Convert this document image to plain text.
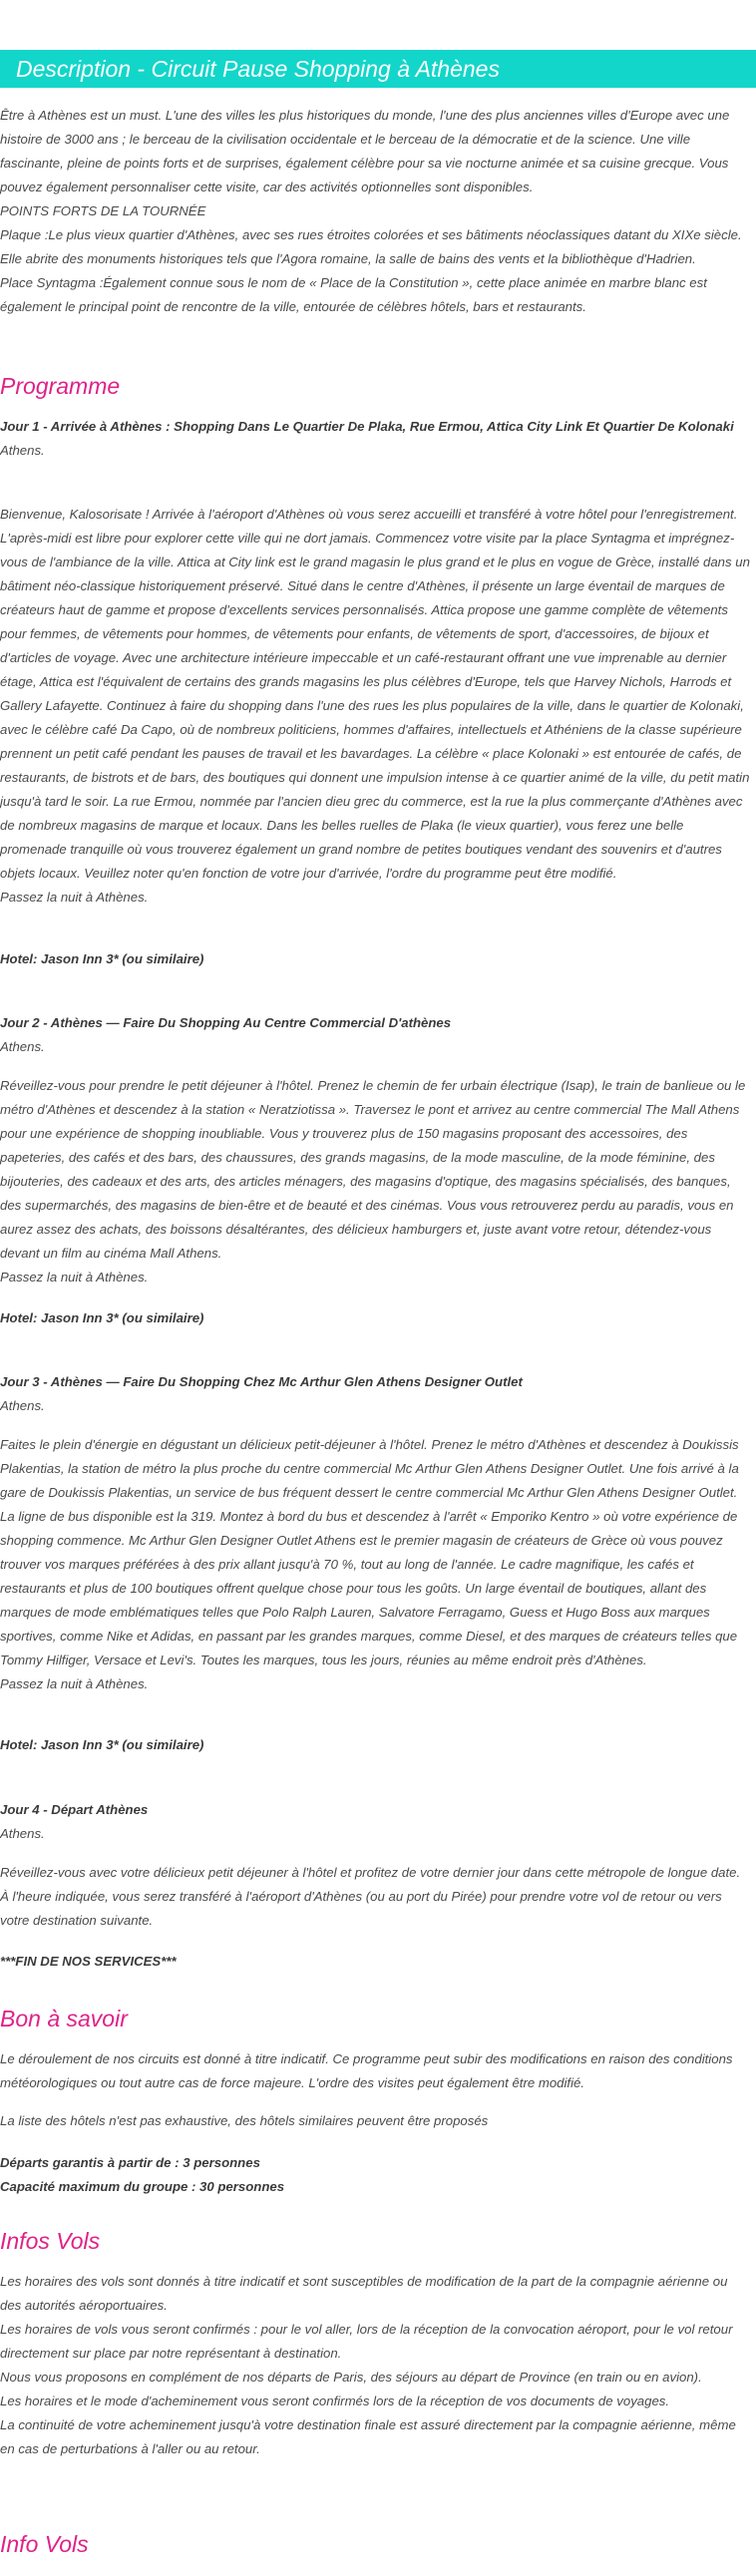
Description - Circuit Pause Shopping à Athènes

Être à Athènes est un must. L'une des villes les plus historiques du monde, l'une des plus anciennes villes d'Europe avec une histoire de 3000 ans ; le berceau de la civilisation occidentale et le berceau de la démocratie et de la science. Une ville fascinante, pleine de points forts et de surprises, également célèbre pour sa vie nocturne animée et sa cuisine grecque. Vous pouvez également personnaliser cette visite, car des activités optionnelles sont disponibles.

POINTS FORTS DE LA TOURNÉE

Plaque :Le plus vieux quartier d'Athènes, avec ses rues étroites colorées et ses bâtiments néoclassiques datant du XIXe siècle. Elle abrite des monuments historiques tels que l'Agora romaine, la salle de bains des vents et la bibliothèque d'Hadrien.

Place Syntagma :Également connue sous le nom de « Place de la Constitution », cette place animée en marbre blanc est également le principal point de rencontre de la ville, entourée de célèbres hôtels, bars et restaurants.

Programme

Jour 1 - Arrivée à Athènes : Shopping Dans Le Quartier De Plaka, Rue Ermou, Attica City Link Et Quartier De Kolonaki

Athens.

Bienvenue, Kalosorisate ! Arrivée à l'aéroport d'Athènes où vous serez accueilli et transféré à votre hôtel pour l'enregistrement. L'après-midi est libre pour explorer cette ville qui ne dort jamais. Commencez votre visite par la place Syntagma et imprégnez-vous de l'ambiance de la ville. Attica at City link est le grand magasin le plus grand et le plus en vogue de Grèce, installé dans un bâtiment néo-classique historiquement préservé. Situé dans le centre d'Athènes, il présente un large éventail de marques de créateurs haut de gamme et propose d'excellents services personnalisés. Attica propose une gamme complète de vêtements pour femmes, de vêtements pour hommes, de vêtements pour enfants, de vêtements de sport, d'accessoires, de bijoux et d'articles de voyage. Avec une architecture intérieure impeccable et un café-restaurant offrant une vue imprenable au dernier étage, Attica est l'équivalent de certains des grands magasins les plus célèbres d'Europe, tels que Harvey Nichols, Harrods et Gallery Lafayette. Continuez à faire du shopping dans l'une des rues les plus populaires de la ville, dans le quartier de Kolonaki, avec le célèbre café Da Capo, où de nombreux politiciens, hommes d'affaires, intellectuels et Athéniens de la classe supérieure prennent un petit café pendant les pauses de travail et les bavardages. La célèbre « place Kolonaki » est entourée de cafés, de restaurants, de bistrots et de bars, des boutiques qui donnent une impulsion intense à ce quartier animé de la ville, du petit matin jusqu'à tard le soir. La rue Ermou, nommée par l'ancien dieu grec du commerce, est la rue la plus commerçante d'Athènes avec de nombreux magasins de marque et locaux. Dans les belles ruelles de Plaka (le vieux quartier), vous ferez une belle promenade tranquille où vous trouverez également un grand nombre de petites boutiques vendant des souvenirs et d'autres objets locaux. Veuillez noter qu'en fonction de votre jour d'arrivée, l'ordre du programme peut être modifié.

Passez la nuit à Athènes.

Hotel: Jason Inn 3* (ou similaire)

Jour 2 - Athènes — Faire Du Shopping Au Centre Commercial D'athènes

Athens.

Réveillez-vous pour prendre le petit déjeuner à l'hôtel. Prenez le chemin de fer urbain électrique (Isap), le train de banlieue ou le métro d'Athènes et descendez à la station « Neratziotissa ». Traversez le pont et arrivez au centre commercial The Mall Athens pour une expérience de shopping inoubliable. Vous y trouverez plus de 150 magasins proposant des accessoires, des papeteries, des cafés et des bars, des chaussures, des grands magasins, de la mode masculine, de la mode féminine, des bijouteries, des cadeaux et des arts, des articles ménagers, des magasins d'optique, des magasins spécialisés, des banques, des supermarchés, des magasins de bien-être et de beauté et des cinémas. Vous vous retrouverez perdu au paradis, vous en aurez assez des achats, des boissons désaltérantes, des délicieux hamburgers et, juste avant votre retour, détendez-vous devant un film au cinéma Mall Athens.

Passez la nuit à Athènes.

Hotel: Jason Inn 3* (ou similaire)

Jour 3 - Athènes — Faire Du Shopping Chez Mc Arthur Glen Athens Designer Outlet

Athens.

Faites le plein d'énergie en dégustant un délicieux petit-déjeuner à l'hôtel. Prenez le métro d'Athènes et descendez à Doukissis Plakentias, la station de métro la plus proche du centre commercial Mc Arthur Glen Athens Designer Outlet. Une fois arrivé à la gare de Doukissis Plakentias, un service de bus fréquent dessert le centre commercial Mc Arthur Glen Athens Designer Outlet. La ligne de bus disponible est la 319. Montez à bord du bus et descendez à l'arrêt « Emporiko Kentro » où votre expérience de shopping commence. Mc Arthur Glen Designer Outlet Athens est le premier magasin de créateurs de Grèce où vous pouvez trouver vos marques préférées à des prix allant jusqu'à 70 %, tout au long de l'année. Le cadre magnifique, les cafés et restaurants et plus de 100 boutiques offrent quelque chose pour tous les goûts. Un large éventail de boutiques, allant des marques de mode emblématiques telles que Polo Ralph Lauren, Salvatore Ferragamo, Guess et Hugo Boss aux marques sportives, comme Nike et Adidas, en passant par les grandes marques, comme Diesel, et des marques de créateurs telles que Tommy Hilfiger, Versace et Levi's. Toutes les marques, tous les jours, réunies au même endroit près d'Athènes.

Passez la nuit à Athènes.

Hotel: Jason Inn 3* (ou similaire)

Jour 4 - Départ Athènes

Athens.

Réveillez-vous avec votre délicieux petit déjeuner à l'hôtel et profitez de votre dernier jour dans cette métropole de longue date. À l'heure indiquée, vous serez transféré à l'aéroport d'Athènes (ou au port du Pirée) pour prendre votre vol de retour ou vers votre destination suivante.

***FIN DE NOS SERVICES***

Bon à savoir

Le déroulement de nos circuits est donné à titre indicatif. Ce programme peut subir des modifications en raison des conditions météorologiques ou tout autre cas de force majeure. L'ordre des visites peut également être modifié.

La liste des hôtels n'est pas exhaustive, des hôtels similaires peuvent être proposés

Départs garantis à partir de : 3 personnes

Capacité maximum du groupe : 30 personnes

Infos Vols

Les horaires des vols sont donnés à titre indicatif et sont susceptibles de modification de la part de la compagnie aérienne ou des autorités aéroportuaires.

Les horaires de vols vous seront confirmés : pour le vol aller, lors de la réception de la convocation aéroport, pour le vol retour directement sur place par notre représentant à destination.

Nous vous proposons en complément de nos départs de Paris, des séjours au départ de Province (en train ou en avion).

Les horaires et le mode d'acheminement vous seront confirmés lors de la réception de vos documents de voyages.

La continuité de votre acheminement jusqu'à votre destination finale est assuré directement par la compagnie aérienne, même en cas de perturbations à l'aller ou au retour.

Info Vols
